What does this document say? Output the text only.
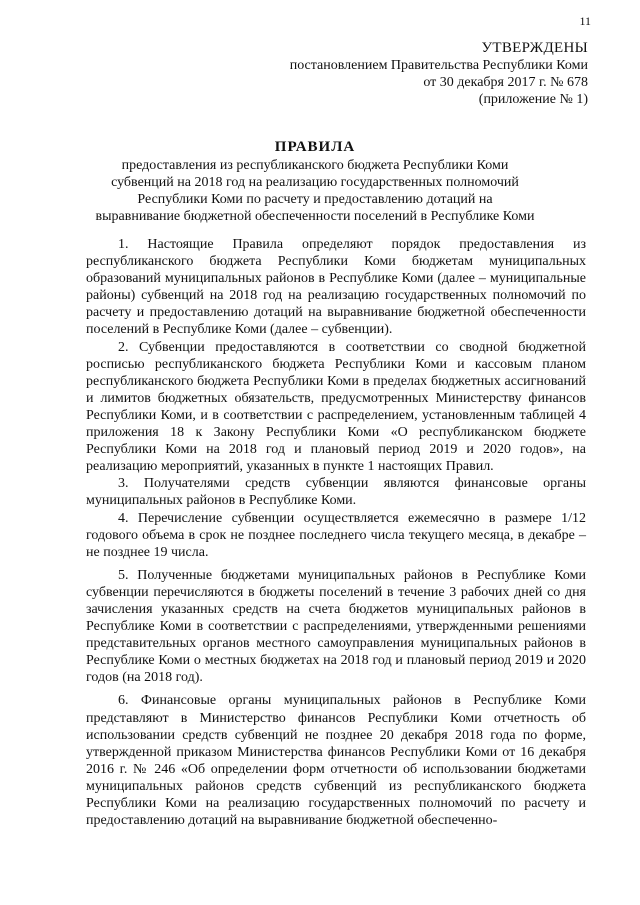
11
УТВЕРЖДЕНЫ
постановлением Правительства Республики Коми
от 30 декабря 2017 г. № 678
(приложение № 1)
ПРАВИЛА
предоставления из республиканского бюджета Республики Коми субвенций на 2018 год на реализацию государственных полномочий Республики Коми по расчету и предоставлению дотаций на выравнивание бюджетной обеспеченности поселений в Республике Коми

1. Настоящие Правила определяют порядок предоставления из республиканского бюджета Республики Коми бюджетам муниципальных образований муниципальных районов в Республике Коми (далее – муниципальные районы) субвенций на 2018 год на реализацию государственных полномочий по расчету и предоставлению дотаций на выравнивание бюджетной обеспеченности поселений в Республике Коми (далее – субвенции).

2. Субвенции предоставляются в соответствии со сводной бюджетной росписью республиканского бюджета Республики Коми и кассовым планом республиканского бюджета Республики Коми в пределах бюджетных ассигнований и лимитов бюджетных обязательств, предусмотренных Министерству финансов Республики Коми, и в соответствии с распределением, установленным таблицей 4 приложения 18 к Закону Республики Коми «О республиканском бюджете Республики Коми на 2018 год и плановый период 2019 и 2020 годов», на реализацию мероприятий, указанных в пункте 1 настоящих Правил.

3. Получателями средств субвенции являются финансовые органы муниципальных районов в Республике Коми.

4. Перечисление субвенции осуществляется ежемесячно в размере 1/12 годового объема в срок не позднее последнего числа текущего месяца, в декабре – не позднее 19 числа.

5. Полученные бюджетами муниципальных районов в Республике Коми субвенции перечисляются в бюджеты поселений в течение 3 рабочих дней со дня зачисления указанных средств на счета бюджетов муниципальных районов в Республике Коми в соответствии с распределениями, утвержденными решениями представительных органов местного самоуправления муниципальных районов в Республике Коми о местных бюджетах на 2018 год и плановый период 2019 и 2020 годов (на 2018 год).

6. Финансовые органы муниципальных районов в Республике Коми представляют в Министерство финансов Республики Коми отчетность об использовании средств субвенций не позднее 20 декабря 2018 года по форме, утвержденной приказом Министерства финансов Республики Коми от 16 декабря 2016 г. № 246 «Об определении форм отчетности об использовании бюджетами муниципальных районов средств субвенций из республиканского бюджета Республики Коми на реализацию государственных полномочий по расчету и предоставлению дотаций на выравнивание бюджетной обеспеченно-
